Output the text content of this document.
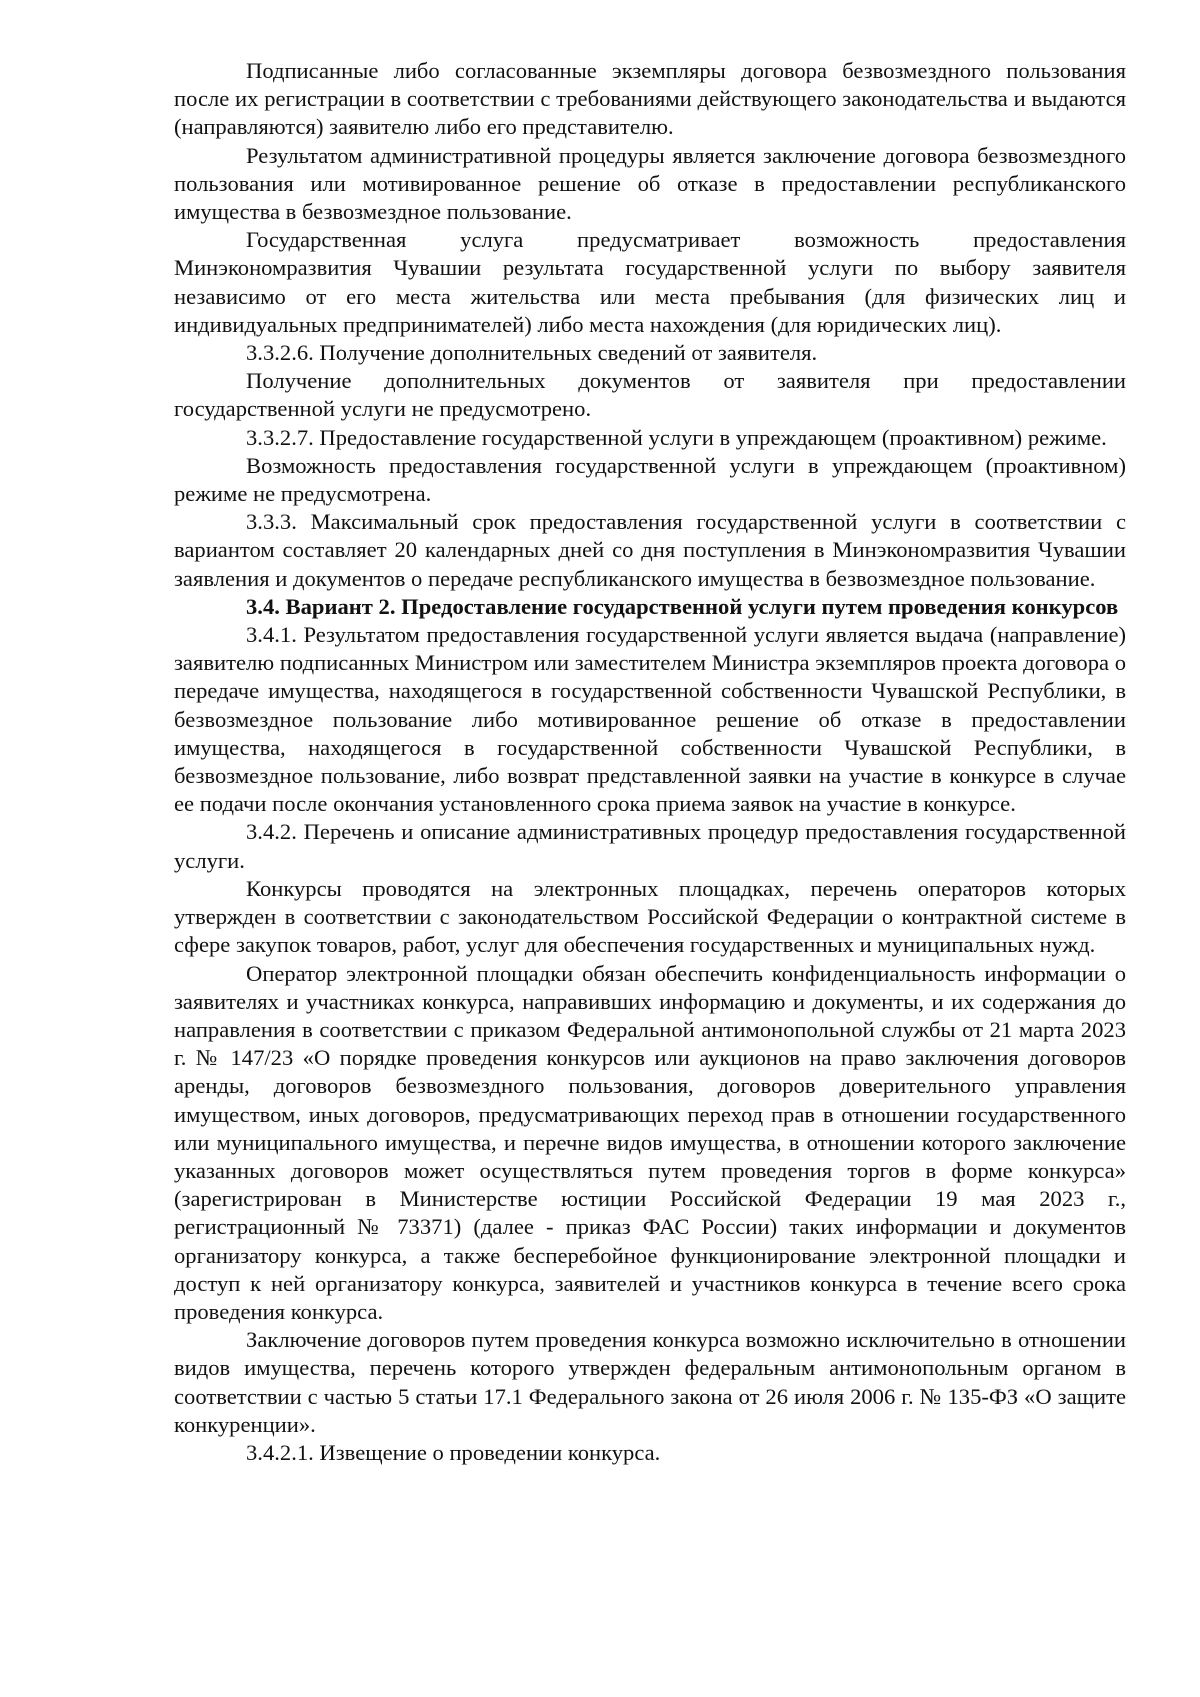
Подписанные либо согласованные экземпляры договора безвозмездного пользования после их регистрации в соответствии с требованиями действующего законодательства и выдаются (направляются) заявителю либо его представителю.

Результатом административной процедуры является заключение договора безвозмездного пользования или мотивированное решение об отказе в предоставлении республиканского имущества в безвозмездное пользование.

Государственная услуга предусматривает возможность предоставления Минэкономразвития Чувашии результата государственной услуги по выбору заявителя независимо от его места жительства или места пребывания (для физических лиц и индивидуальных предпринимателей) либо места нахождения (для юридических лиц).

3.3.2.6. Получение дополнительных сведений от заявителя.

Получение дополнительных документов от заявителя при предоставлении государственной услуги не предусмотрено.

3.3.2.7. Предоставление государственной услуги в упреждающем (проактивном) режиме.

Возможность предоставления государственной услуги в упреждающем (проактивном) режиме не предусмотрена.

3.3.3. Максимальный срок предоставления государственной услуги в соответствии с вариантом составляет 20 календарных дней со дня поступления в Минэкономразвития Чувашии заявления и документов о передаче республиканского имущества в безвозмездное пользование.

3.4. Вариант 2. Предоставление государственной услуги путем проведения конкурсов

3.4.1. Результатом предоставления государственной услуги является выдача (направление) заявителю подписанных Министром или заместителем Министра экземпляров проекта договора о передаче имущества, находящегося в государственной собственности Чувашской Республики, в безвозмездное пользование либо мотивированное решение об отказе в предоставлении имущества, находящегося в государственной собственности Чувашской Республики, в безвозмездное пользование, либо возврат представленной заявки на участие в конкурсе в случае ее подачи после окончания установленного срока приема заявок на участие в конкурсе.

3.4.2. Перечень и описание административных процедур предоставления государственной услуги.

Конкурсы проводятся на электронных площадках, перечень операторов которых утвержден в соответствии с законодательством Российской Федерации о контрактной системе в сфере закупок товаров, работ, услуг для обеспечения государственных и муниципальных нужд.

Оператор электронной площадки обязан обеспечить конфиденциальность информации о заявителях и участниках конкурса, направивших информацию и документы, и их содержания до направления в соответствии с приказом Федеральной антимонопольной службы от 21 марта 2023 г. № 147/23 «О порядке проведения конкурсов или аукционов на право заключения договоров аренды, договоров безвозмездного пользования, договоров доверительного управления имуществом, иных договоров, предусматривающих переход прав в отношении государственного или муниципального имущества, и перечне видов имущества, в отношении которого заключение указанных договоров может осуществляться путем проведения торгов в форме конкурса» (зарегистрирован в Министерстве юстиции Российской Федерации 19 мая 2023 г., регистрационный № 73371) (далее - приказ ФАС России) таких информации и документов организатору конкурса, а также бесперебойное функционирование электронной площадки и доступ к ней организатору конкурса, заявителей и участников конкурса в течение всего срока проведения конкурса.

Заключение договоров путем проведения конкурса возможно исключительно в отношении видов имущества, перечень которого утвержден федеральным антимонопольным органом в соответствии с частью 5 статьи 17.1 Федерального закона от 26 июля 2006 г. № 135-ФЗ «О защите конкуренции».

3.4.2.1. Извещение о проведении конкурса.
